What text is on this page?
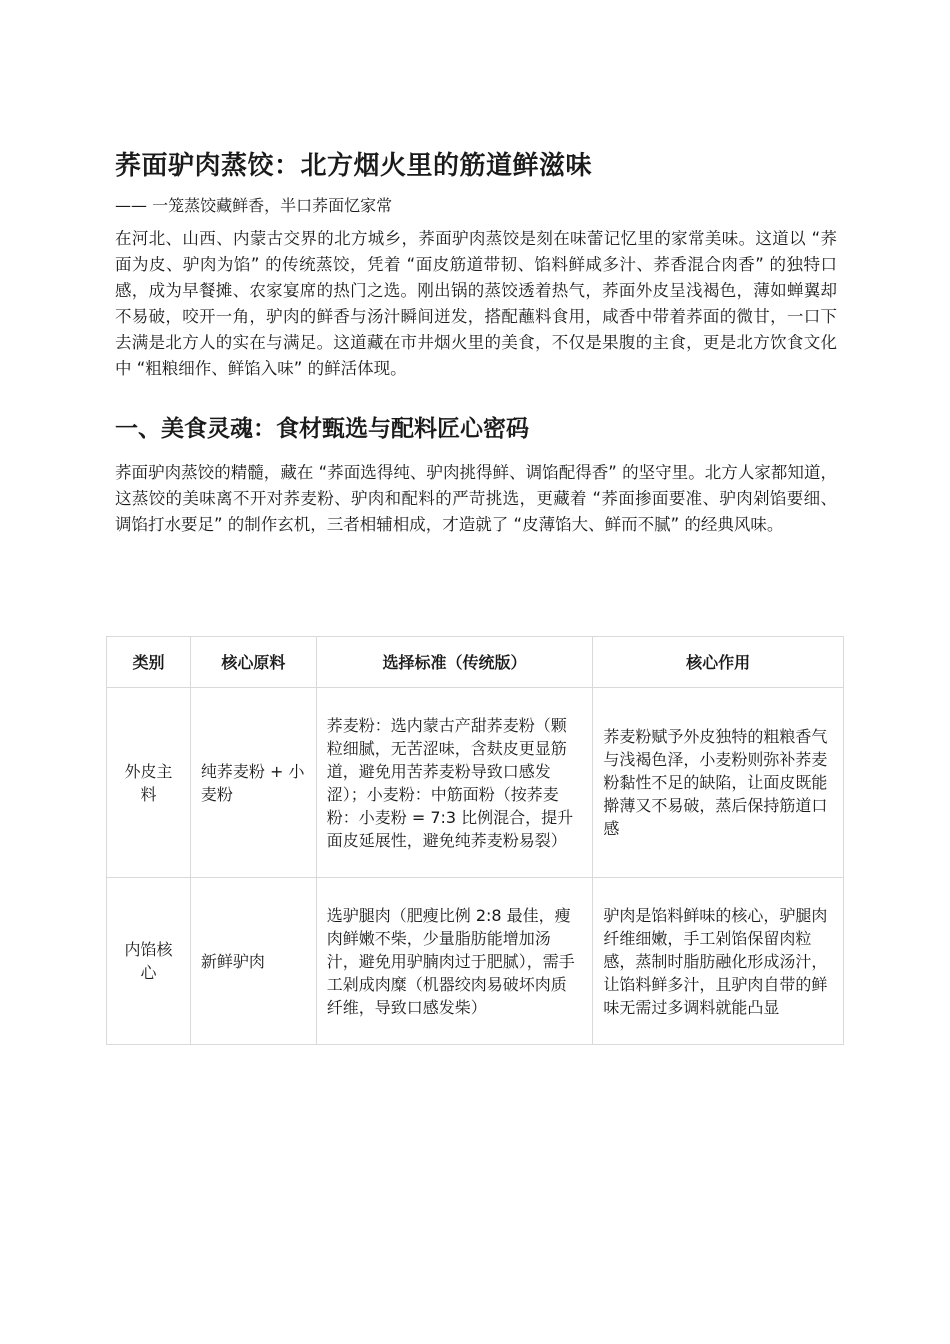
荞面驴肉蒸饺：北方烟火里的筋道鲜滋味

—— 一笼蒸饺藏鲜香，半口荞面忆家常

在河北、山西、内蒙古交界的北方城乡，荞面驴肉蒸饺是刻在味蕾记忆里的家常美味。这道以 “荞面为皮、驴肉为馅” 的传统蒸饺，凭着 “面皮筋道带韧、馅料鲜咸多汁、荞香混合肉香” 的独特口感，成为早餐摊、农家宴席的热门之选。刚出锅的蒸饺透着热气，荞面外皮呈浅褐色，薄如蝉翼却不易破，咬开一角，驴肉的鲜香与汤汁瞬间迸发，搭配蘸料食用，咸香中带着荞面的微甘，一口下去满是北方人的实在与满足。这道藏在市井烟火里的美食，不仅是果腹的主食，更是北方饮食文化中 “粗粮细作、鲜馅入味” 的鲜活体现。

一、美食灵魂：食材甄选与配料匠心密码

荞面驴肉蒸饺的精髓，藏在 “荞面选得纯、驴肉挑得鲜、调馅配得香” 的坚守里。北方人家都知道，这蒸饺的美味离不开对荞麦粉、驴肉和配料的严苛挑选，更藏着 “荞面掺面要准、驴肉剁馅要细、调馅打水要足” 的制作玄机，三者相辅相成，才造就了 “皮薄馅大、鲜而不腻” 的经典风味。

类别	核心原料	选择标准（传统版）	核心作用
外皮主料	纯荞麦粉 + 小麦粉	荞麦粉：选内蒙古产甜荞麦粉（颗粒细腻，无苦涩味，含麸皮更显筋道，避免用苦荞麦粉导致口感发涩）；小麦粉：中筋面粉（按荞麦粉：小麦粉 = 7:3 比例混合，提升面皮延展性，避免纯荞麦粉易裂）	荞麦粉赋予外皮独特的粗粮香气与浅褐色泽，小麦粉则弥补荞麦粉黏性不足的缺陷，让面皮既能擀薄又不易破，蒸后保持筋道口感
内馅核心	新鲜驴肉	选驴腿肉（肥瘦比例 2:8 最佳，瘦肉鲜嫩不柴，少量脂肪能增加汤汁，避免用驴腩肉过于肥腻），需手工剁成肉糜（机器绞肉易破坏肉质纤维，导致口感发柴）	驴肉是馅料鲜味的核心，驴腿肉纤维细嫩，手工剁馅保留肉粒感，蒸制时脂肪融化形成汤汁，让馅料鲜多汁，且驴肉自带的鲜味无需过多调料就能凸显
